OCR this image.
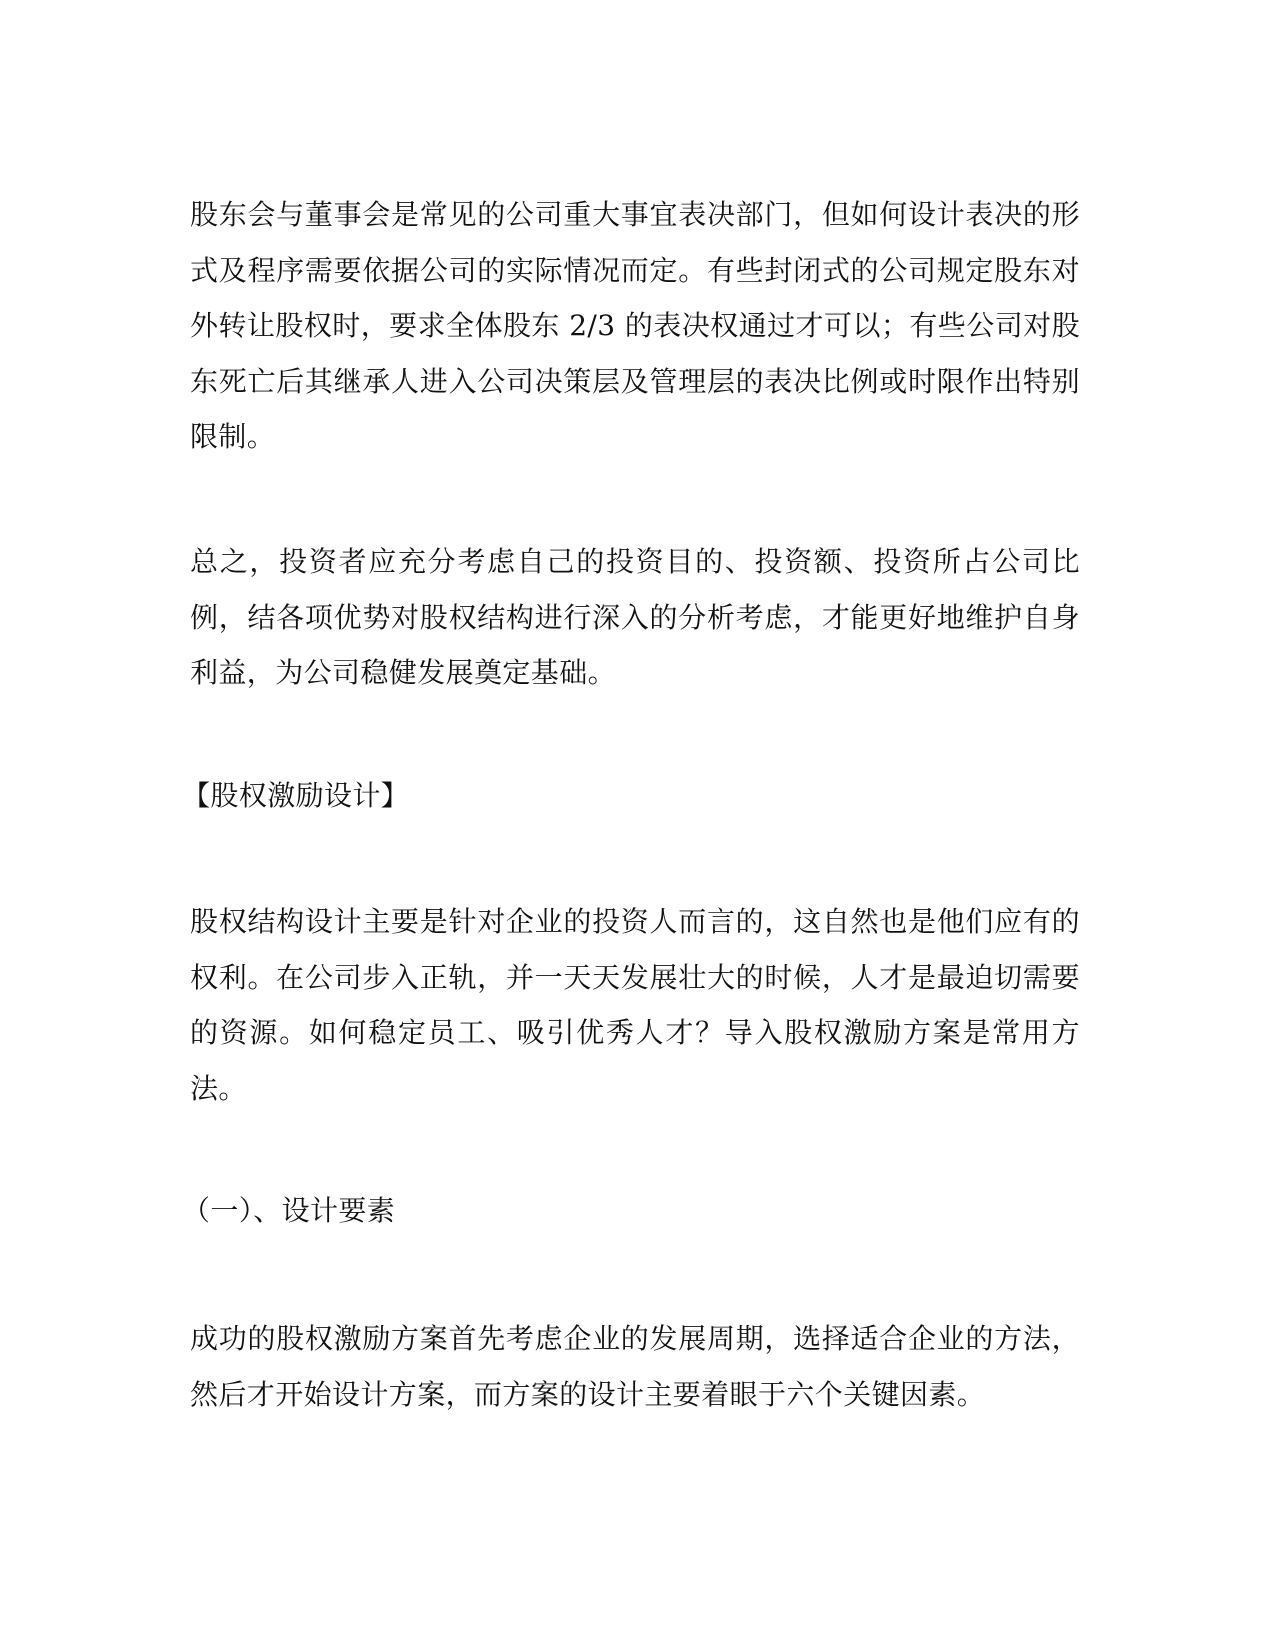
股东会与董事会是常见的公司重大事宜表决部门，但如何设计表决的形式及程序需要依据公司的实际情况而定。有些封闭式的公司规定股东对外转让股权时，要求全体股东 2/3 的表决权通过才可以；有些公司对股东死亡后其继承人进入公司决策层及管理层的表决比例或时限作出特别限制。

总之，投资者应充分考虑自己的投资目的、投资额、投资所占公司比例，结各项优势对股权结构进行深入的分析考虑，才能更好地维护自身利益，为公司稳健发展奠定基础。

【股权激励设计】

股权结构设计主要是针对企业的投资人而言的，这自然也是他们应有的权利。在公司步入正轨，并一天天发展壮大的时候，人才是最迫切需要的资源。如何稳定员工、吸引优秀人才？导入股权激励方案是常用方法。

（一）、设计要素

成功的股权激励方案首先考虑企业的发展周期，选择适合企业的方法，然后才开始设计方案，而方案的设计主要着眼于六个关键因素。
